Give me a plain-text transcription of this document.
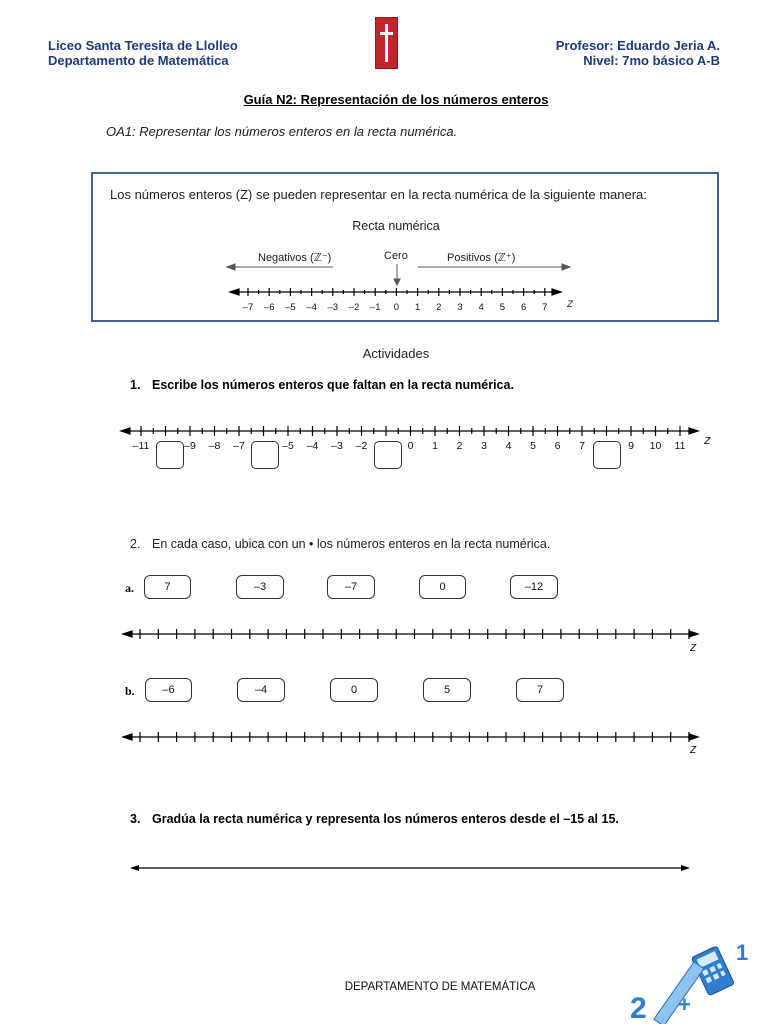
Liceo Santa Teresita de Llolleo
Departamento de Matemática
Profesor: Eduardo Jeria A.
Nivel: 7mo básico A-B
Guía N2: Representación de los números enteros
OA1: Representar los números enteros en la recta numérica.
Los números enteros (Z) se pueden representar en la recta numérica de la siguiente manera:
Recta numérica
Negativos (ℤ⁻)	Cero	Positivos (ℤ⁺)
–7 –6 –5 –4 –3 –2 –1 0 1 2 3 4 5 6 7 Z
Actividades
1. Escribe los números enteros que faltan en la recta numérica.
–11	–9 –8 –7	–5 –4 –3 –2	0 1 2 3 4 5 6 7	9 10 11 Z
2. En cada caso, ubica con un • los números enteros en la recta numérica.
a.	7	–3	–7	0	–12
b.	–6	–4	0	5	7
Z
Z
3. Gradúa la recta numérica y representa los números enteros desde el –15 al 15.
DEPARTAMENTO DE MATEMÁTICA
2 +
1
